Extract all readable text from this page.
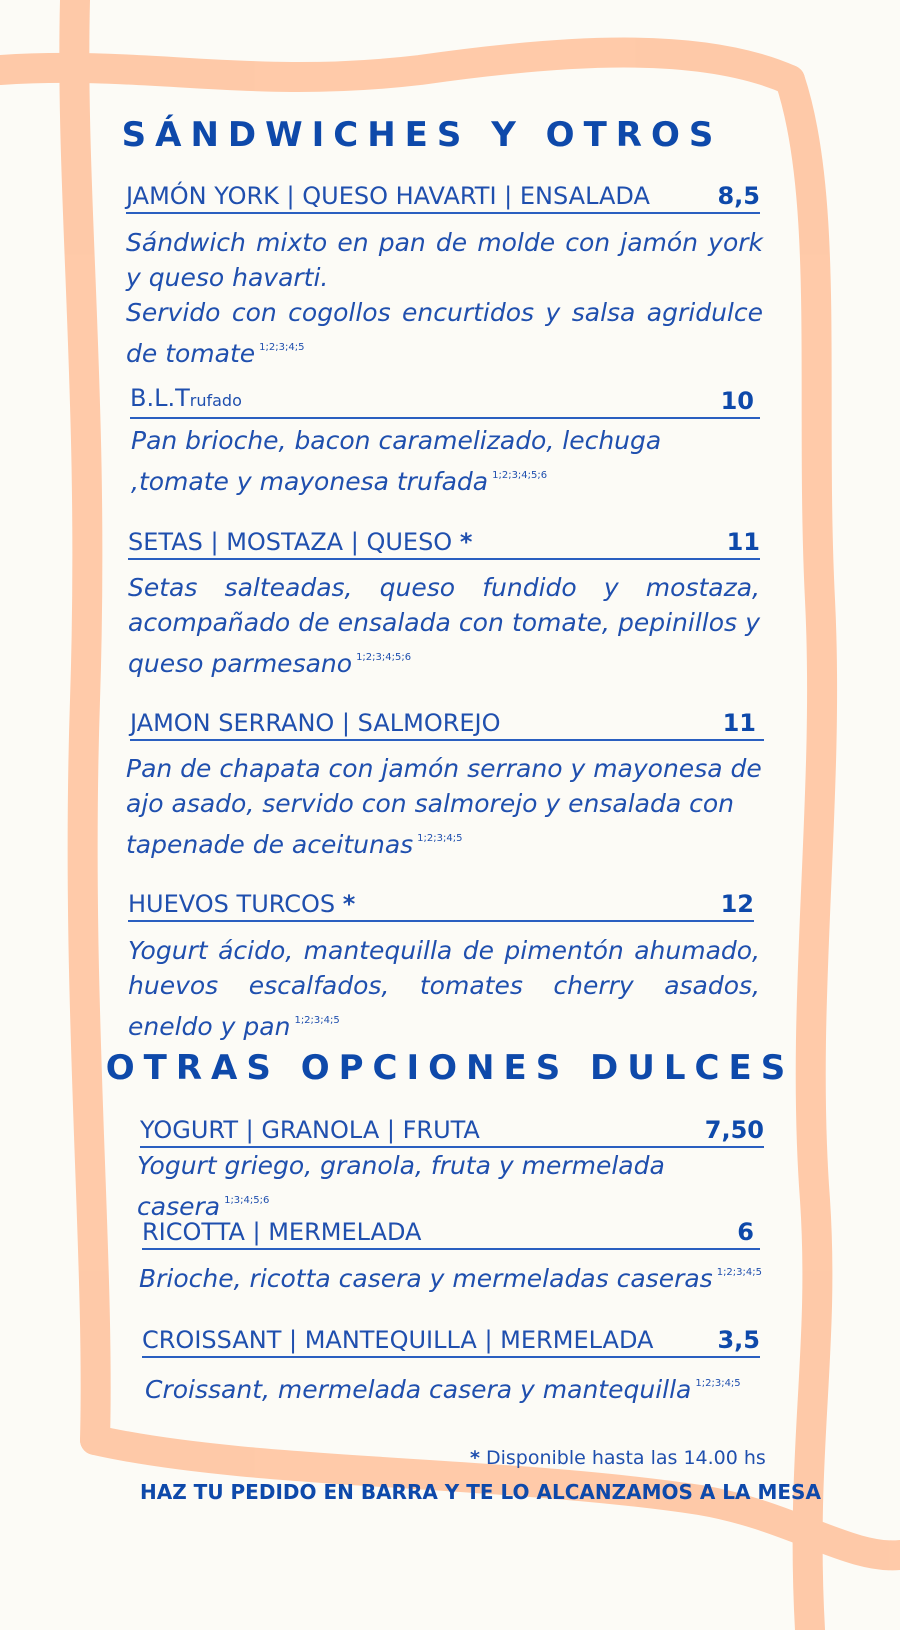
SÁNDWICHES Y OTROS
JAMÓN YORK | QUESO HAVARTI | ENSALADA	8,5

Sándwich mixto en pan de molde con jamón york y queso havarti.
Servido con cogollos encurtidos y salsa agridulce de tomate $^{1;2;3;4;5}$

B.L.Trufado	10

Pan brioche, bacon caramelizado, lechuga ,tomate y mayonesa trufada $^{1;2;3;4;5;6}$

SETAS | MOSTAZA | QUESO *	11

Setas salteadas, queso fundido y mostaza, acompañado de ensalada con tomate, pepinillos y queso parmesano $^{1;2;3;4;5;6}$

JAMON SERRANO | SALMOREJO	11

Pan de chapata con jamón serrano y mayonesa de ajo asado, servido con salmorejo y ensalada con tapenade de aceitunas $^{1;2;3;4;5}$

HUEVOS TURCOS *	12

Yogurt ácido, mantequilla de pimentón ahumado, huevos escalfados, tomates cherry asados, eneldo y pan $^{1;2;3;4;5}$

OTRAS OPCIONES DULCES
YOGURT | GRANOLA | FRUTA	7,50

Yogurt griego, granola, fruta y mermelada casera $^{1;3;4;5;6}$

RICOTTA | MERMELADA	6

Brioche, ricotta casera y mermeladas caseras $^{1;2;3;4;5}$

CROISSANT | MANTEQUILLA | MERMELADA	3,5

Croissant, mermelada casera y mantequilla $^{1;2;3;4;5}$

* Disponible hasta las 14.00 hs
HAZ TU PEDIDO EN BARRA Y TE LO ALCANZAMOS A LA MESA
